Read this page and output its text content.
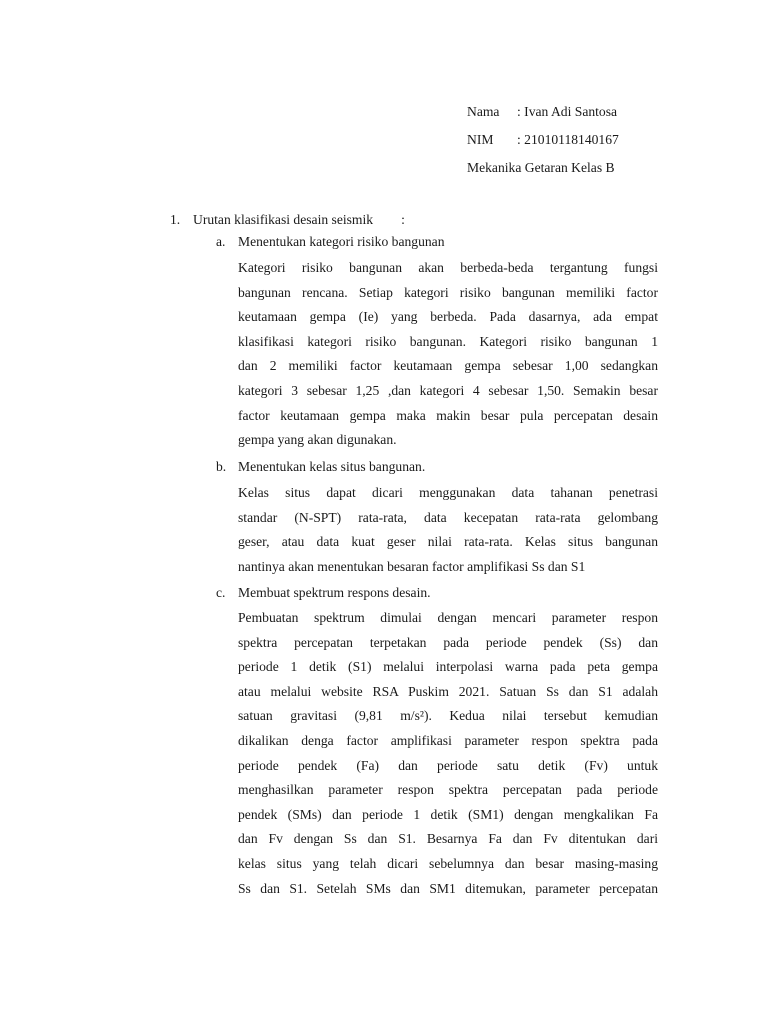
Nama : Ivan Adi Santosa
NIM : 21010118140167
Mekanika Getaran Kelas B
1. Urutan klasifikasi desain seismik :
a. Menentukan kategori risiko bangunan
Kategori risiko bangunan akan berbeda-beda tergantung fungsi
bangunan rencana. Setiap kategori risiko bangunan memiliki factor
keutamaan gempa (Ie) yang berbeda. Pada dasarnya, ada empat
klasifikasi kategori risiko bangunan. Kategori risiko bangunan 1
dan 2 memiliki factor keutamaan gempa sebesar 1,00 sedangkan
kategori 3 sebesar 1,25 ,dan kategori 4 sebesar 1,50. Semakin besar
factor keutamaan gempa maka makin besar pula percepatan desain
gempa yang akan digunakan.
b. Menentukan kelas situs bangunan.
Kelas situs dapat dicari menggunakan data tahanan penetrasi
standar (N-SPT) rata-rata, data kecepatan rata-rata gelombang
geser, atau data kuat geser nilai rata-rata. Kelas situs bangunan
nantinya akan menentukan besaran factor amplifikasi Ss dan S1
c. Membuat spektrum respons desain.
Pembuatan spektrum dimulai dengan mencari parameter respon
spektra percepatan terpetakan pada periode pendek (Ss) dan
periode 1 detik (S1) melalui interpolasi warna pada peta gempa
atau melalui website RSA Puskim 2021. Satuan Ss dan S1 adalah
satuan gravitasi (9,81 m/s²). Kedua nilai tersebut kemudian
dikalikan denga factor amplifikasi parameter respon spektra pada
periode pendek (Fa) dan periode satu detik (Fv) untuk
menghasilkan parameter respon spektra percepatan pada periode
pendek (SMs) dan periode 1 detik (SM1) dengan mengkalikan Fa
dan Fv dengan Ss dan S1. Besarnya Fa dan Fv ditentukan dari
kelas situs yang telah dicari sebelumnya dan besar masing-masing
Ss dan S1. Setelah SMs dan SM1 ditemukan, parameter percepatan
